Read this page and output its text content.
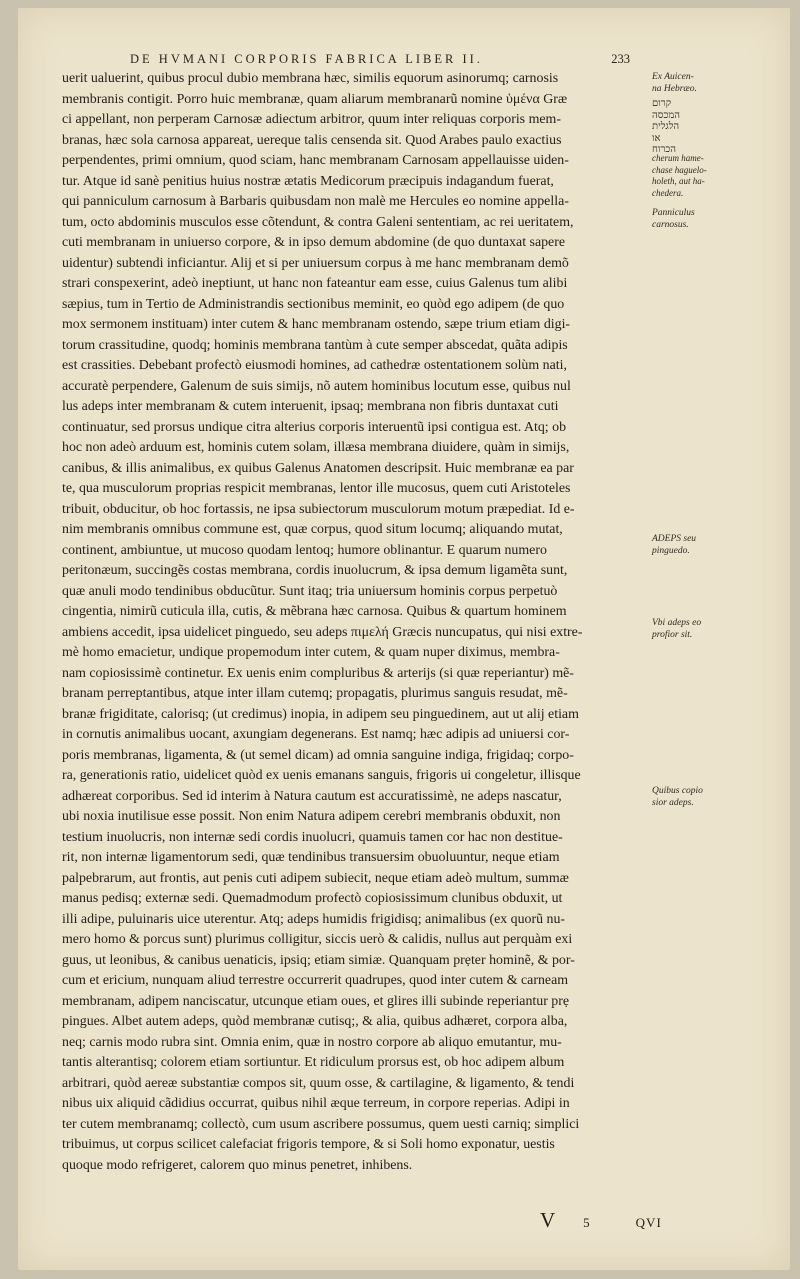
DE HVMANI CORPORIS FABRICA LIBER II.	233
uerit ualuerint, quibus procul dubio membrana hæc, similis equorum asinorumq; carnosis
membranis contigit. Porro huic membranæ, quam aliarum membranarũ nomine ὑμένα Græ
ci appellant, non perperam Carnosæ adiectum arbitror, quum inter reliquas corporis mem-
branas, hæc sola carnosa appareat, uereque talis censenda sit. Quod Arabes paulo exactius
perpendentes, primi omnium, quod sciam, hanc membranam Carnosam appellauisse uiden-
tur. Atque id sanè penitius huius nostræ ætatis Medicorum præcipuis indagandum fuerat,
qui panniculum carnosum à Barbaris quibusdam non malè me Hercules eo nomine appella-
tum, octo abdominis musculos esse cõtendunt, & contra Galeni sententiam, ac rei ueritatem,
cuti membranam in uniuerso corpore, & in ipso demum abdomine (de quo duntaxat sapere
uidentur) subtendi inficiantur. Alij et si per uniuersum corpus à me hanc membranam demõ
strari conspexerint, adeò ineptiunt, ut hanc non fateantur eam esse, cuius Galenus tum alibi
sæpius, tum in Tertio de Administrandis sectionibus meminit, eo quòd ego adipem (de quo
mox sermonem instituam) inter cutem & hanc membranam ostendo, sæpe trium etiam digi-
torum crassitudine, quodq; hominis membrana tantùm à cute semper abscedat, quãta adipis
est crassities. Debebant profectò eiusmodi homines, ad cathedræ ostentationem solùm nati,
accuratè perpendere, Galenum de suis simijs, nõ autem hominibus locutum esse, quibus nul
lus adeps inter membranam & cutem interuenit, ipsaq; membrana non fibris duntaxat cuti
continuatur, sed prorsus undique citra alterius corporis interuentũ ipsi contigua est. Atq; ob
hoc non adeò arduum est, hominis cutem solam, illæsa membrana diuidere, quàm in simijs,
canibus, & illis animalibus, ex quibus Galenus Anatomen descripsit. Huic membranæ ea par
te, qua musculorum proprias respicit membranas, lentor ille mucosus, quem cuti Aristoteles
tribuit, obducitur, ob hoc fortassis, ne ipsa subiectorum musculorum motum præpediat. Id e-
nim membranis omnibus commune est, quæ corpus, quod situm locumq; aliquando mutat,
continent, ambiuntue, ut mucoso quodam lentoq; humore oblinantur. E quarum numero
peritonæum, succingẽs costas membrana, cordis inuolucrum, & ipsa demum ligamẽta sunt,
quæ anuli modo tendinibus obducũtur. Sunt itaq; tria uniuersum hominis corpus perpetuò
cingentia, nimirũ cuticula illa, cutis, & mẽbrana hæc carnosa. Quibus & quartum hominem
ambiens accedit, ipsa uidelicet pinguedo, seu adeps πιμελή Græcis nuncupatus, qui nisi extre-
mè homo emacietur, undique propemodum inter cutem, & quam nuper diximus, membra-
nam copiosissimè continetur. Ex uenis enim compluribus & arterijs (si quæ reperiantur) mẽ-
branam perreptantibus, atque inter illam cutemq; propagatis, plurimus sanguis resudat, mẽ-
branæ frigiditate, calorisq; (ut credimus) inopia, in adipem seu pinguedinem, aut ut alij etiam
in cornutis animalibus uocant, axungiam degenerans. Est namq; hæc adipis ad uniuersi cor-
poris membranas, ligamenta, & (ut semel dicam) ad omnia sanguine indiga, frigidaq; corpo-
ra, generationis ratio, uidelicet quòd ex uenis emanans sanguis, frigoris ui congeletur, illisque
adhæreat corporibus. Sed id interim à Natura cautum est accuratissimè, ne adeps nascatur,
ubi noxia inutilisue esse possit. Non enim Natura adipem cerebri membranis obduxit, non
testium inuolucris, non internæ sedi cordis inuolucri, quamuis tamen cor hac non destitue-
rit, non internæ ligamentorum sedi, quæ tendinibus transuersim obuoluuntur, neque etiam
palpebrarum, aut frontis, aut penis cuti adipem subiecit, neque etiam adeò multum, summæ
manus pedisq; externæ sedi. Quemadmodum profectò copiosissimum clunibus obduxit, ut
illi adipe, puluinaris uice uterentur. Atq; adeps humidis frigidisq; animalibus (ex quorũ nu-
mero homo & porcus sunt) plurimus colligitur, siccis uerò & calidis, nullus aut perquàm exi
guus, ut leonibus, & canibus uenaticis, ipsiq; etiam simiæ. Quanquam prẹter hominẽ, & por-
cum et ericium, nunquam aliud terrestre occurrerit quadrupes, quod inter cutem & carneam
membranam, adipem nanciscatur, utcunque etiam oues, et glires illi subinde reperiantur prẹ
pingues. Albet autem adeps, quòd membranæ cutisq;, & alia, quibus adhæret, corpora alba,
neq; carnis modo rubra sint. Omnia enim, quæ in nostro corpore ab aliquo emutantur, mu-
tantis alterantisq; colorem etiam sortiuntur. Et ridiculum prorsus est, ob hoc adipem album
arbitrari, quòd aereæ substantiæ compos sit, quum osse, & cartilagine, & ligamento, & tendi
nibus uix aliquid cãdidius occurrat, quibus nihil æque terreum, in corpore reperias. Adipi in
ter cutem membranamq; collectò, cum usum ascribere possumus, quem uesti carniq; simplici
tribuimus, ut corpus scilicet calefaciat frigoris tempore, & si Soli homo exponatur, uestis
quoque modo refrigeret, calorem quo minus penetret, inhibens.
Ex Auicen-
na Hebræo.
קרום
המכסה
הלגלית
או
הכרוח
cherum hame-
chase haguelo-
holeth, aut ha-
chedera.
Panniculus
carnosus.
ADEPS seu
pinguedo.
Vbi adeps eo
profior sit.
Quibus copio
sior adeps.
V 5	QVI
